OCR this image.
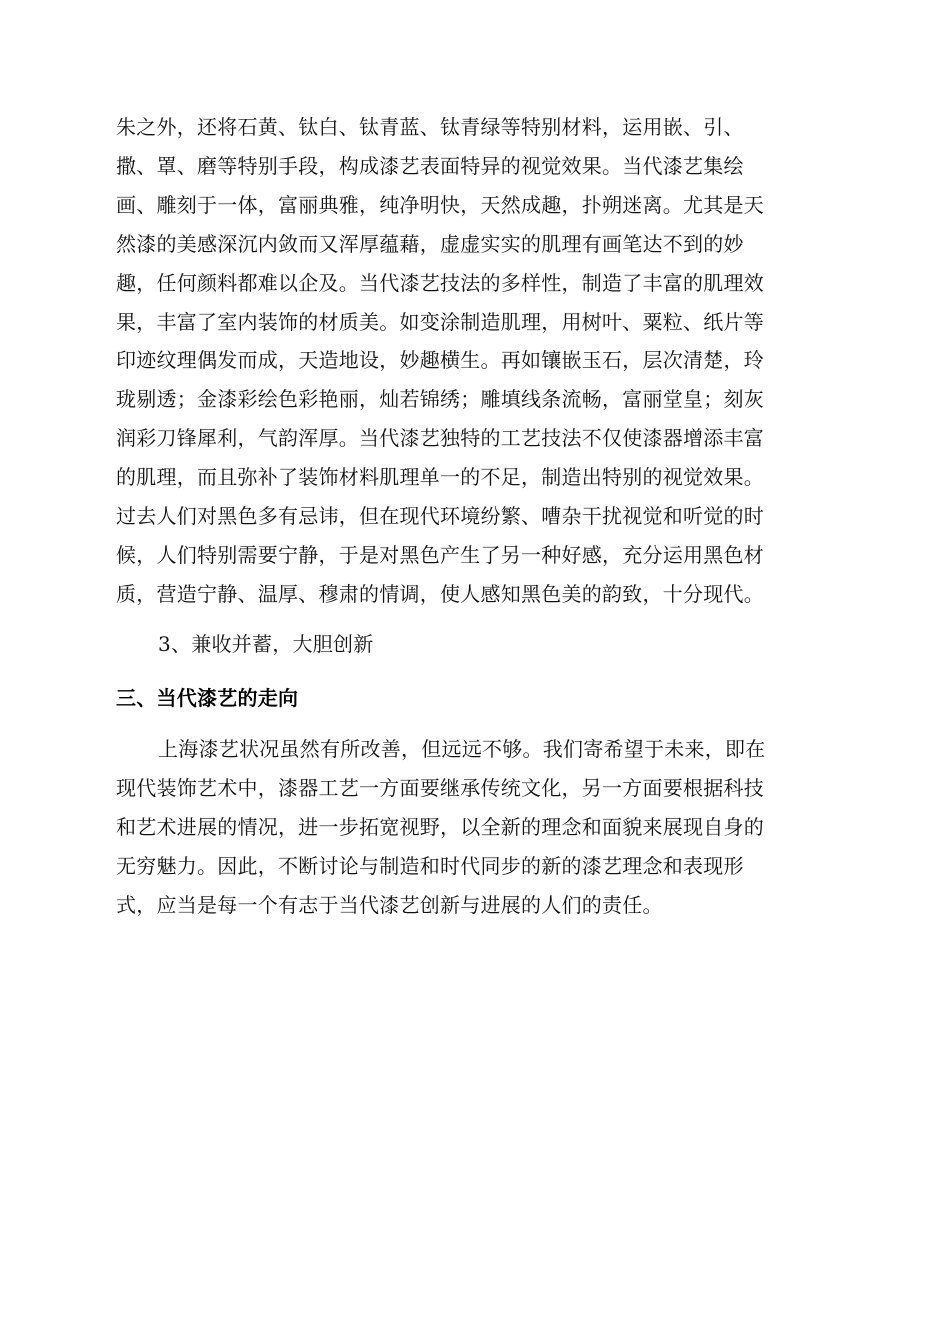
朱之外，还将石黄、钛白、钛青蓝、钛青绿等特别材料，运用嵌、引、
撒、罩、磨等特别手段，构成漆艺表面特异的视觉效果。当代漆艺集绘
画、雕刻于一体，富丽典雅，纯净明快，天然成趣，扑朔迷离。尤其是天
然漆的美感深沉内敛而又浑厚蕴藉，虚虚实实的肌理有画笔达不到的妙
趣，任何颜料都难以企及。当代漆艺技法的多样性，制造了丰富的肌理效
果，丰富了室内装饰的材质美。如变涂制造肌理，用树叶、粟粒、纸片等
印迹纹理偶发而成，天造地设，妙趣横生。再如镶嵌玉石，层次清楚，玲
珑剔透；金漆彩绘色彩艳丽，灿若锦绣；雕填线条流畅，富丽堂皇；刻灰
润彩刀锋犀利，气韵浑厚。当代漆艺独特的工艺技法不仅使漆器增添丰富
的肌理，而且弥补了装饰材料肌理单一的不足，制造出特别的视觉效果。
过去人们对黑色多有忌讳，但在现代环境纷繁、嘈杂干扰视觉和听觉的时
候，人们特别需要宁静，于是对黑色产生了另一种好感，充分运用黑色材
质，营造宁静、温厚、穆肃的情调，使人感知黑色美的韵致，十分现代。
3、兼收并蓄，大胆创新
三、当代漆艺的走向
上海漆艺状况虽然有所改善，但远远不够。我们寄希望于未来，即在
现代装饰艺术中，漆器工艺一方面要继承传统文化，另一方面要根据科技
和艺术进展的情况，进一步拓宽视野，以全新的理念和面貌来展现自身的
无穷魅力。因此，不断讨论与制造和时代同步的新的漆艺理念和表现形
式，应当是每一个有志于当代漆艺创新与进展的人们的责任。
